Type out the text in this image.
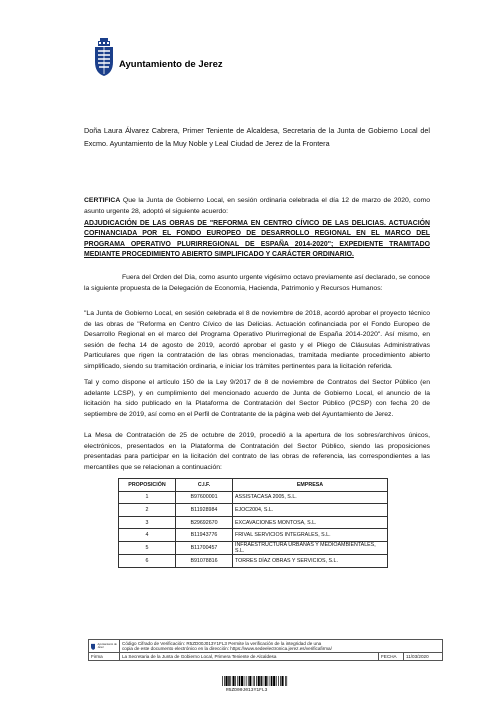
Ayuntamiento de Jerez

Doña Laura Álvarez Cabrera, Primer Teniente de Alcaldesa, Secretaria de la Junta de Gobierno Local del Excmo. Ayuntamiento de la Muy Noble y Leal Ciudad de Jerez de la Frontera

CERTIFICA Que la Junta de Gobierno Local, en sesión ordinaria celebrada el día 12 de marzo de 2020, como asunto urgente 28, adoptó el siguiente acuerdo:

ADJUDICACIÓN DE LAS OBRAS DE "REFORMA EN CENTRO CÍVICO DE LAS DELICIAS. ACTUACIÓN COFINANCIADA POR EL FONDO EUROPEO DE DESARROLLO REGIONAL EN EL MARCO DEL PROGRAMA OPERATIVO PLURIRREGIONAL DE ESPAÑA 2014-2020"; EXPEDIENTE TRAMITADO MEDIANTE PROCEDIMIENTO ABIERTO SIMPLIFICADO Y CARÁCTER ORDINARIO.

Fuera del Orden del Día, como asunto urgente vigésimo octavo previamente así declarado, se conoce la siguiente propuesta de la Delegación de Economía, Hacienda, Patrimonio y Recursos Humanos:

"La Junta de Gobierno Local, en sesión celebrada el 8 de noviembre de 2018, acordó aprobar el proyecto técnico de las obras de "Reforma en Centro Cívico de las Delicias. Actuación cofinanciada por el Fondo Europeo de Desarrollo Regional en el marco del Programa Operativo Plurirregional de España 2014-2020". Así mismo, en sesión de fecha 14 de agosto de 2019, acordó aprobar el gasto y el Pliego de Cláusulas Administrativas Particulares que rigen la contratación de las obras mencionadas, tramitada mediante procedimiento abierto simplificado, siendo su tramitación ordinaria, e iniciar los trámites pertinentes para la licitación referida.

Tal y como dispone el artículo 150 de la Ley 9/2017 de 8 de noviembre de Contratos del Sector Público (en adelante LCSP), y en cumplimiento del mencionado acuerdo de Junta de Gobierno Local, el anuncio de la licitación ha sido publicado en la Plataforma de Contratación del Sector Público (PCSP) con fecha 20 de septiembre de 2019, así como en el Perfil de Contratante de la página web del Ayuntamiento de Jerez.

La Mesa de Contratación de 25 de octubre de 2019, procedió a la apertura de los sobres/archivos únicos, electrónicos, presentados en la Plataforma de Contratación del Sector Público, siendo las proposiciones presentadas para participar en la licitación del contrato de las obras de referencia, las correspondientes a las mercantiles que se relacionan a continuación:

PROPOSICIÓN	C.I.F.	EMPRESA
1	B97600001	ASSISTACASA 2005, S.L.
2	B11928984	EJOC2004, S.L.
3	B29692670	EXCAVACIONES MONTOSA, S.L.
4	B11943776	FRIVAL SERVICIOS INTEGRALES, S.L.
5	B11700457	INFRAESTRUCTURA URBANAS Y MEDIOAMBIENTALES, S.L.
6	B91078816	TORRES DÍAZ OBRAS Y SERVICIOS, S.L.
Ayuntamiento de Jerez
Código Cifrado de Verificación: R5ZD00J013Y1FL3 Permite la verificación de la integridad de una
copia de este documento electrónico en la dirección: https://www.sedeelectronica.jerez.es/verificafirma/
Firma	La Secretaria de la Junta de Gobierno Local, Primera Teniente de Alcaldesa	FECHA	11/03/2020
R5ZD00J013Y1FL3
